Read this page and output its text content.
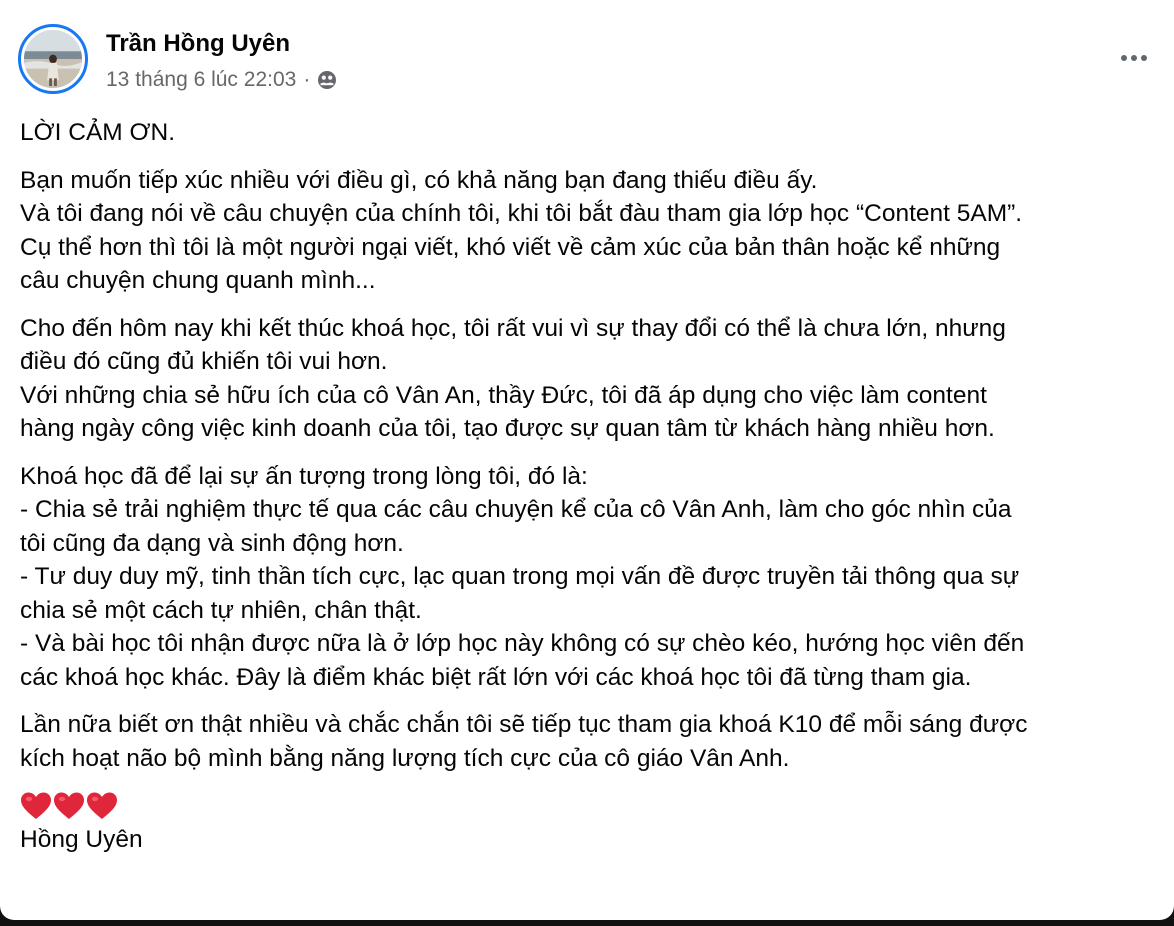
Trần Hồng Uyên
13 tháng 6 lúc 22:03 ·

LỜI CẢM ƠN.

Bạn muốn tiếp xúc nhiều với điều gì, có khả năng bạn đang thiếu điều ấy.
Và tôi đang nói về câu chuyện của chính tôi, khi tôi bắt đàu tham gia lớp học “Content 5AM”.
Cụ thể hơn thì tôi là một người ngại viết, khó viết về cảm xúc của bản thân hoặc kể những
câu chuyện chung quanh mình...

Cho đến hôm nay khi kết thúc khoá học, tôi rất vui vì sự thay đổi có thể là chưa lớn, nhưng
điều đó cũng đủ khiến tôi vui hơn.
Với những chia sẻ hữu ích của cô Vân An, thầy Đức, tôi đã áp dụng cho việc làm content
hàng ngày công việc kinh doanh của tôi, tạo được sự quan tâm từ khách hàng nhiều hơn.

Khoá học đã để lại sự ấn tượng trong lòng tôi, đó là:
- Chia sẻ trải nghiệm thực tế qua các câu chuyện kể của cô Vân Anh, làm cho góc nhìn của
tôi cũng đa dạng và sinh động hơn.
- Tư duy duy mỹ, tinh thần tích cực, lạc quan trong mọi vấn đề được truyền tải thông qua sự
chia sẻ một cách tự nhiên, chân thật.
- Và bài học tôi nhận được nữa là ở lớp học này không có sự chèo kéo, hướng học viên đến
các khoá học khác. Đây là điểm khác biệt rất lớn với các khoá học tôi đã từng tham gia.

Lần nữa biết ơn thật nhiều và chắc chắn tôi sẽ tiếp tục tham gia khoá K10 để mỗi sáng được
kích hoạt não bộ mình bằng năng lượng tích cực của cô giáo Vân Anh.

Hồng Uyên
